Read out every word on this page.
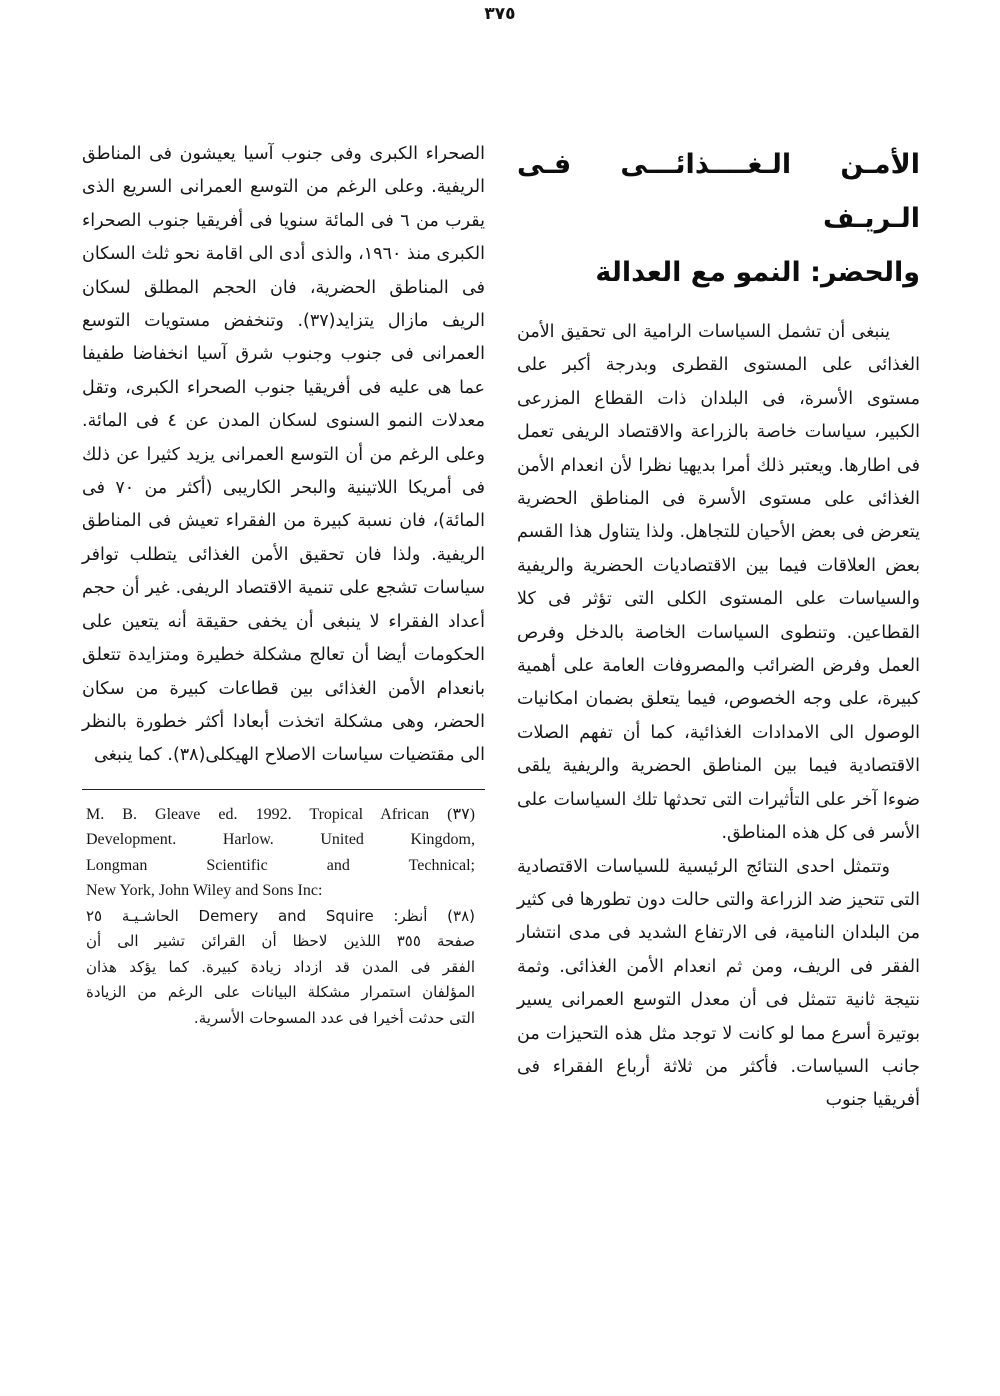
٣٧٥
الأمـن الـغــــذائـــى فـى الـريـف
والحضر: النمو مع العدالة

ينبغى أن تشمل السياسات الرامية الى تحقيق الأمن الغذائى على المستوى القطرى وبدرجة أكبر على مستوى الأسرة، فى البلدان ذات القطاع المزرعى الكبير، سياسات خاصة بالزراعة والاقتصاد الريفى تعمل فى اطارها. ويعتبر ذلك أمرا بديهيا نظرا لأن انعدام الأمن الغذائى على مستوى الأسرة فى المناطق الحضرية يتعرض فى بعض الأحيان للتجاهل. ولذا يتناول هذا القسم بعض العلاقات فيما بين الاقتصاديات الحضرية والريفية والسياسات على المستوى الكلى التى تؤثر فى كلا القطاعين. وتنطوى السياسات الخاصة بالدخل وفرص العمل وفرض الضرائب والمصروفات العامة على أهمية كبيرة، على وجه الخصوص، فيما يتعلق بضمان امكانيات الوصول الى الامدادات الغذائية، كما أن تفهم الصلات الاقتصادية فيما بين المناطق الحضرية والريفية يلقى ضوءا آخر على التأثيرات التى تحدثها تلك السياسات على الأسر فى كل هذه المناطق.

وتتمثل احدى النتائج الرئيسية للسياسات الاقتصادية التى تتحيز ضد الزراعة والتى حالت دون تطورها فى كثير من البلدان النامية، فى الارتفاع الشديد فى مدى انتشار الفقر فى الريف، ومن ثم انعدام الأمن الغذائى. وثمة نتيجة ثانية تتمثل فى أن معدل التوسع العمرانى يسير بوتيرة أسرع مما لو كانت لا توجد مثل هذه التحيزات من جانب السياسات. فأكثر من ثلاثة أرباع الفقراء فى أفريقيا جنوب

الصحراء الكبرى وفى جنوب آسيا يعيشون فى المناطق الريفية. وعلى الرغم من التوسع العمرانى السريع الذى يقرب من ٦ فى المائة سنويا فى أفريقيا جنوب الصحراء الكبرى منذ ١٩٦٠، والذى أدى الى اقامة نحو ثلث السكان فى المناطق الحضرية، فان الحجم المطلق لسكان الريف مازال يتزايد(٣٧). وتنخفض مستويات التوسع العمرانى فى جنوب وجنوب شرق آسيا انخفاضا طفيفا عما هى عليه فى أفريقيا جنوب الصحراء الكبرى، وتقل معدلات النمو السنوى لسكان المدن عن ٤ فى المائة. وعلى الرغم من أن التوسع العمرانى يزيد كثيرا عن ذلك فى أمريكا اللاتينية والبحر الكاريبى (أكثر من ٧٠ فى المائة)، فان نسبة كبيرة من الفقراء تعيش فى المناطق الريفية. ولذا فان تحقيق الأمن الغذائى يتطلب توافر سياسات تشجع على تنمية الاقتصاد الريفى. غير أن حجم أعداد الفقراء لا ينبغى أن يخفى حقيقة أنه يتعين على الحكومات أيضا أن تعالج مشكلة خطيرة ومتزايدة تتعلق بانعدام الأمن الغذائى بين قطاعات كبيرة من سكان الحضر، وهى مشكلة اتخذت أبعادا أكثر خطورة بالنظر الى مقتضيات سياسات الاصلاح الهيكلى(٣٨). كما ينبغى

M. B. Gleave ed. 1992. Tropical African (٣٧)
Development. Harlow. United Kingdom,
Longman Scientific and Technical;
New York, John Wiley and Sons Inc:
(٣٨) أنظر: Demery and Squire الحاشـيـة ٢٥
صفحة ٣٥٥ اللذين لاحظا أن القرائن تشير الى أن
الفقر فى المدن قد ازداد زيادة كبيرة. كما يؤكد هذان
المؤلفان استمرار مشكلة البيانات على الرغم من الزيادة
التى حدثت أخيرا فى عدد المسوحات الأسرية.
